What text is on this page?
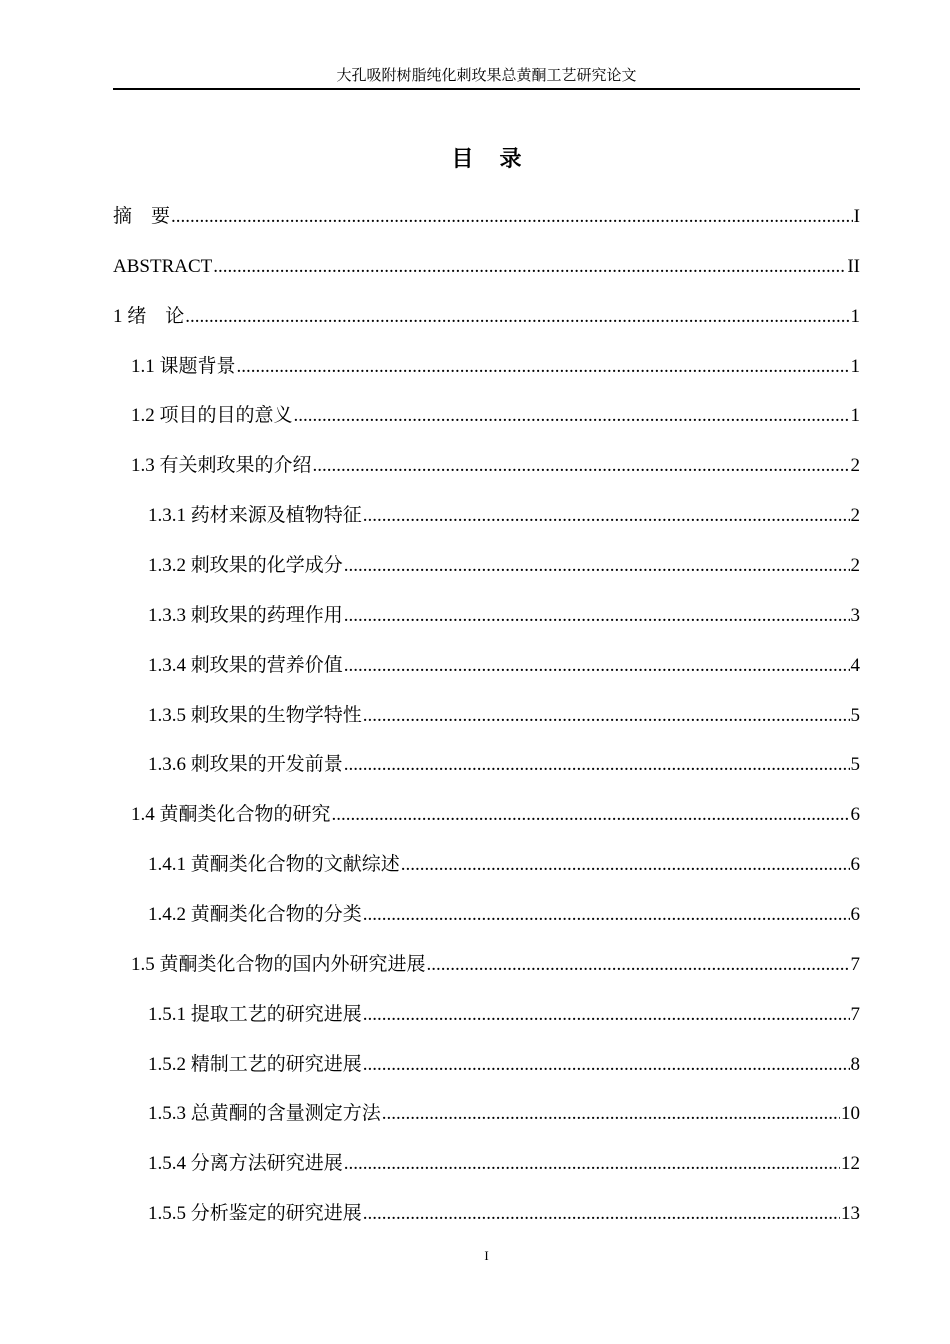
大孔吸附树脂纯化刺玫果总黄酮工艺研究论文
目录
摘　要 .....	I
ABSTRACT .....	II
1 绪　论 .....	1
1.1 课题背景 .....	1
1.2 项目的目的意义 .....	1
1.3 有关刺玫果的介绍 .....	2
1.3.1 药材来源及植物特征 .....	2
1.3.2 刺玫果的化学成分 .....	2
1.3.3 刺玫果的药理作用 .....	3
1.3.4 刺玫果的营养价值 .....	4
1.3.5 刺玫果的生物学特性 .....	5
1.3.6 刺玫果的开发前景 .....	5
1.4 黄酮类化合物的研究 .....	6
1.4.1 黄酮类化合物的文献综述 .....	6
1.4.2 黄酮类化合物的分类 .....	6
1.5 黄酮类化合物的国内外研究进展 .....	7
1.5.1 提取工艺的研究进展 .....	7
1.5.2 精制工艺的研究进展 .....	8
1.5.3 总黄酮的含量测定方法 .....	10
1.5.4 分离方法研究进展 .....	12
1.5.5 分析鉴定的研究进展 .....	13
I
